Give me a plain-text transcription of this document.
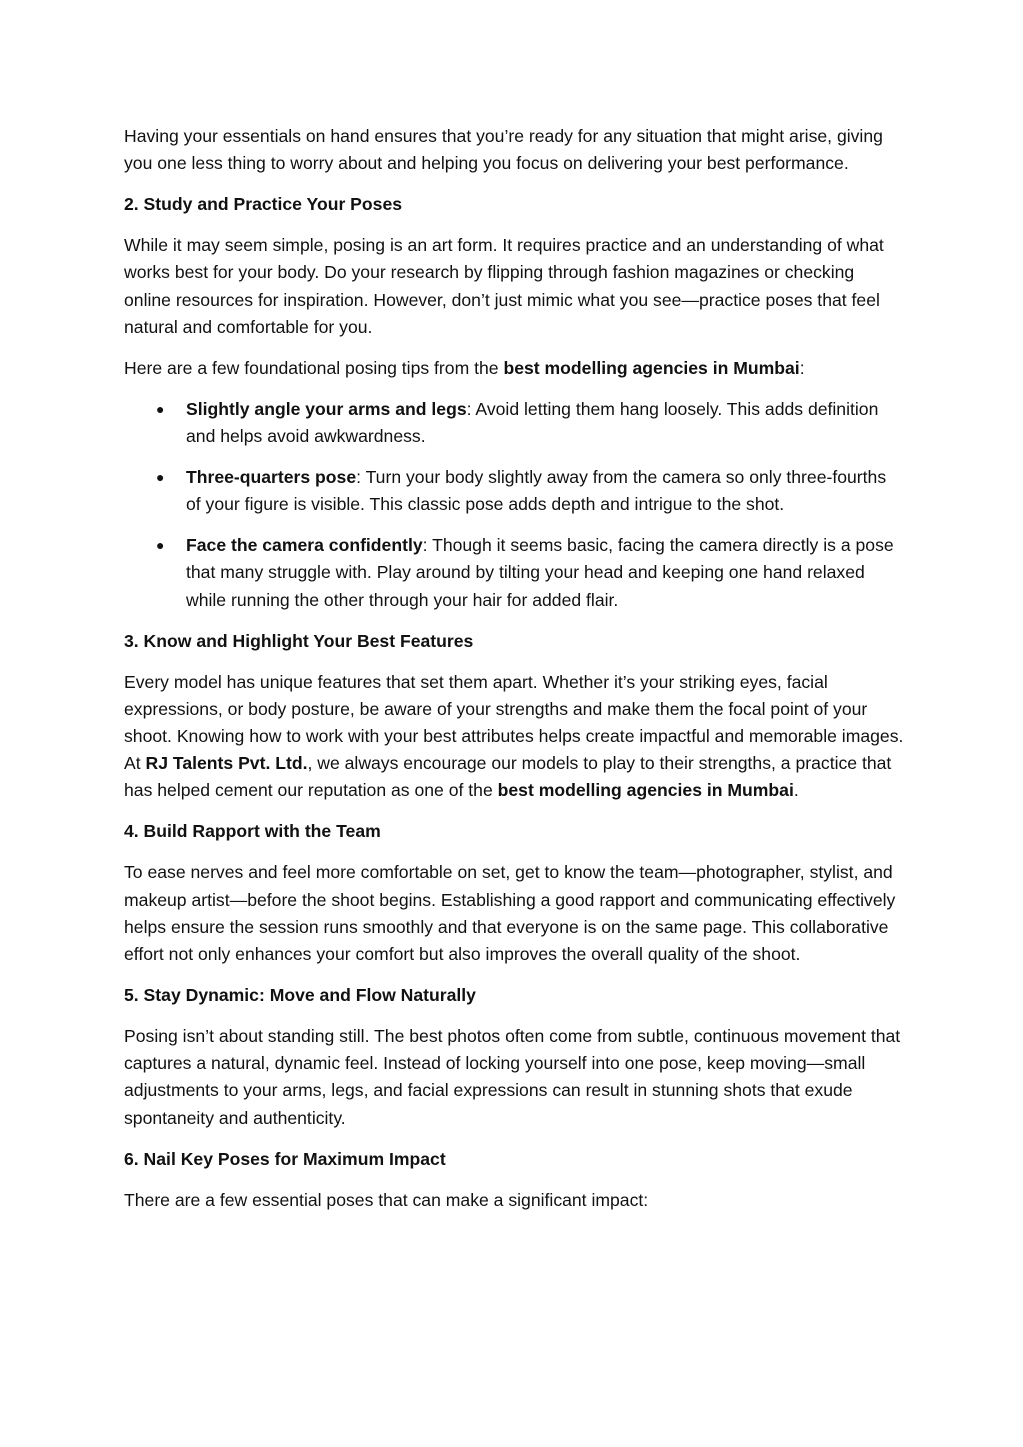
Having your essentials on hand ensures that you’re ready for any situation that might arise, giving you one less thing to worry about and helping you focus on delivering your best performance.

2. Study and Practice Your Poses

While it may seem simple, posing is an art form. It requires practice and an understanding of what works best for your body. Do your research by flipping through fashion magazines or checking online resources for inspiration. However, don’t just mimic what you see—practice poses that feel natural and comfortable for you.

Here are a few foundational posing tips from the best modelling agencies in Mumbai:

● Slightly angle your arms and legs: Avoid letting them hang loosely. This adds definition and helps avoid awkwardness.
● Three-quarters pose: Turn your body slightly away from the camera so only three-fourths of your figure is visible. This classic pose adds depth and intrigue to the shot.
● Face the camera confidently: Though it seems basic, facing the camera directly is a pose that many struggle with. Play around by tilting your head and keeping one hand relaxed while running the other through your hair for added flair.

3. Know and Highlight Your Best Features

Every model has unique features that set them apart. Whether it’s your striking eyes, facial expressions, or body posture, be aware of your strengths and make them the focal point of your shoot. Knowing how to work with your best attributes helps create impactful and memorable images. At RJ Talents Pvt. Ltd., we always encourage our models to play to their strengths, a practice that has helped cement our reputation as one of the best modelling agencies in Mumbai.

4. Build Rapport with the Team

To ease nerves and feel more comfortable on set, get to know the team—photographer, stylist, and makeup artist—before the shoot begins. Establishing a good rapport and communicating effectively helps ensure the session runs smoothly and that everyone is on the same page. This collaborative effort not only enhances your comfort but also improves the overall quality of the shoot.

5. Stay Dynamic: Move and Flow Naturally

Posing isn’t about standing still. The best photos often come from subtle, continuous movement that captures a natural, dynamic feel. Instead of locking yourself into one pose, keep moving—small adjustments to your arms, legs, and facial expressions can result in stunning shots that exude spontaneity and authenticity.

6. Nail Key Poses for Maximum Impact

There are a few essential poses that can make a significant impact:
